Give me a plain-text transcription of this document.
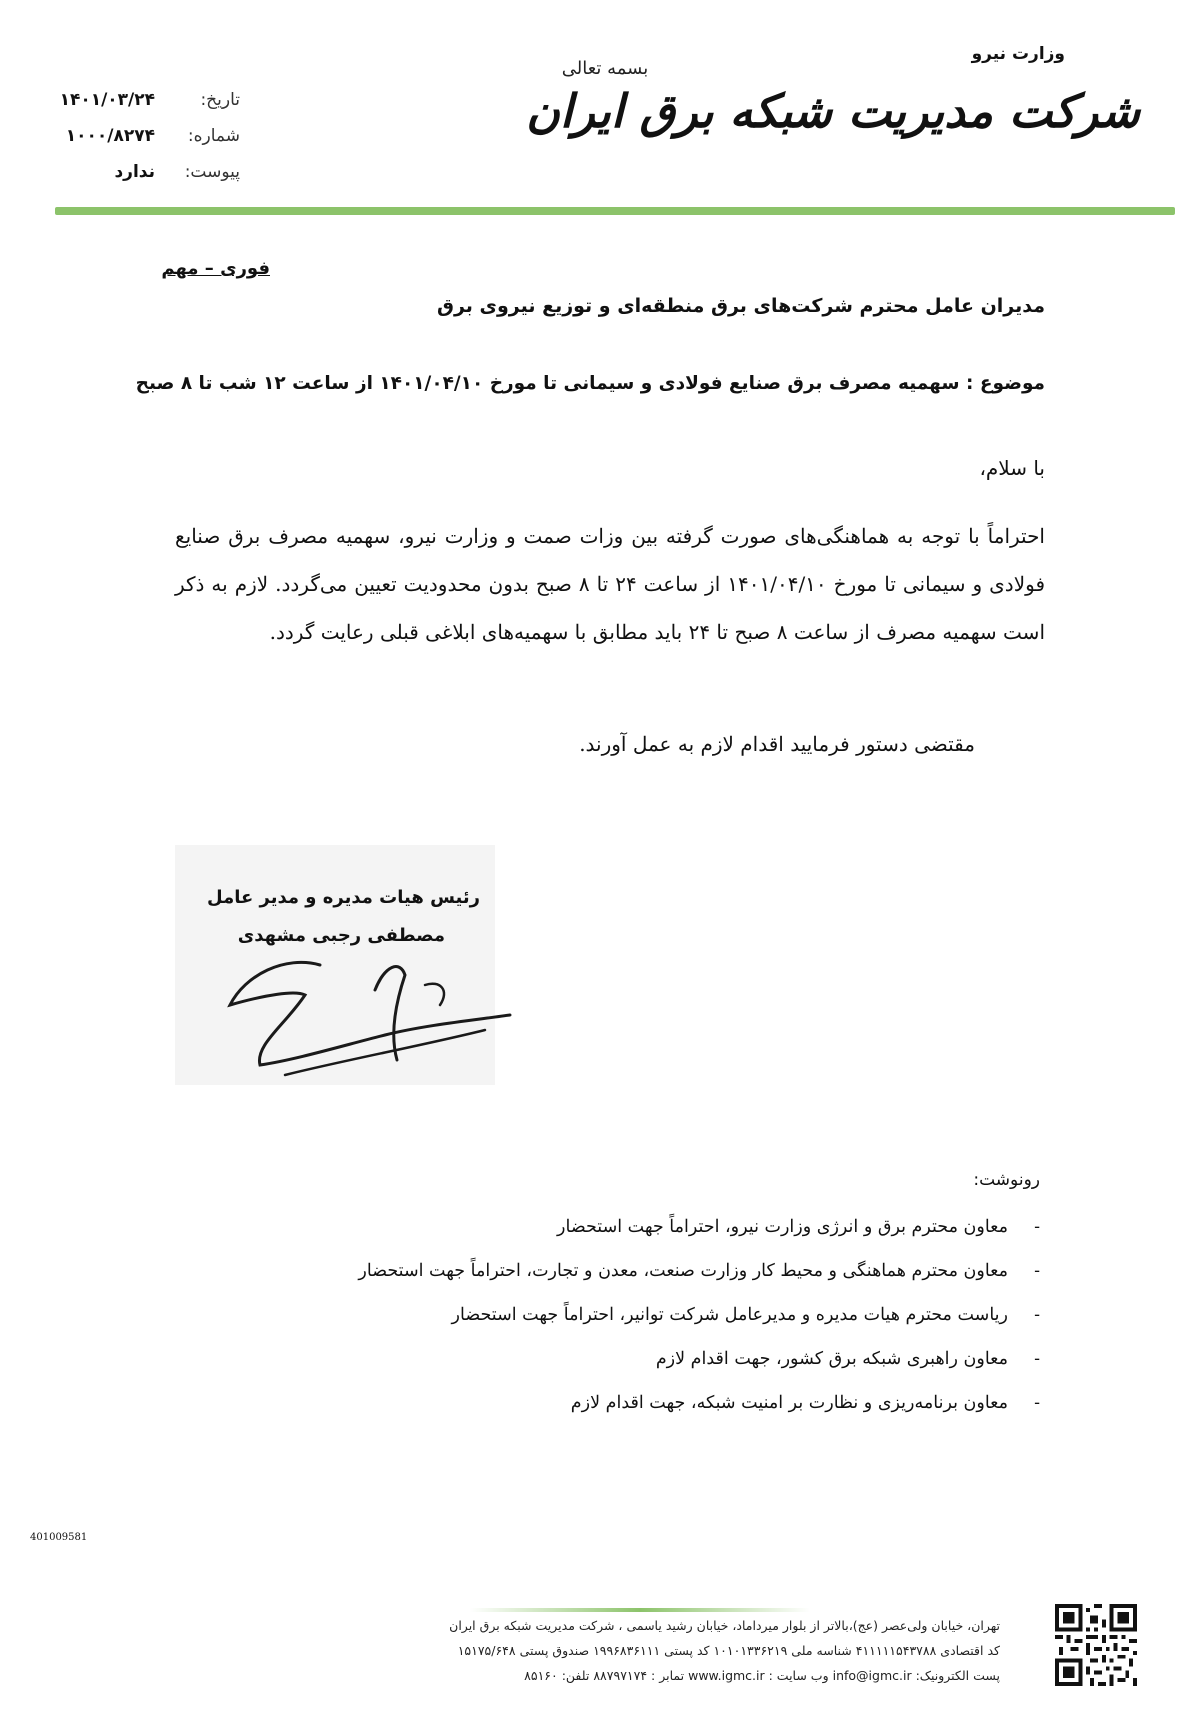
وزارت نیرو
شرکت مدیریت شبکه برق ایران
بسمه تعالی
تاریخ:
۱۴۰۱/۰۳/۲۴
شماره:
۱۰۰۰/۸۲۷۴
پیوست:
ندارد
فوری – مهم
مدیران عامل محترم شرکت‌های برق منطقه‌ای و توزیع نیروی برق
موضوع : سهمیه مصرف برق صنایع فولادی و سیمانی تا مورخ ۱۴۰۱/۰۴/۱۰ از ساعت ۱۲ شب تا ۸ صبح
با سلام،
احتراماً با توجه به هماهنگی‌های صورت گرفته بین وزات صمت و وزارت نیرو، سهمیه مصرف برق صنایع فولادی و سیمانی تا مورخ ۱۴۰۱/۰۴/۱۰ از ساعت ۲۴ تا ۸ صبح بدون محدودیت تعیین می‌گردد. لازم به ذکر است سهمیه مصرف از ساعت ۸ صبح تا ۲۴ باید مطابق با سهمیه‌های ابلاغی قبلی رعایت گردد.
مقتضی دستور فرمایید اقدام لازم به عمل آورند.
رئیس هیات مدیره و مدیر عامل
مصطفی رجبی مشهدی
رونوشت:
-
معاون محترم برق و انرژی وزارت نیرو، احتراماً جهت استحضار
-
معاون محترم هماهنگی و محیط کار وزارت صنعت، معدن و تجارت، احتراماً جهت استحضار
-
ریاست محترم هیات مدیره و مدیرعامل شرکت توانیر، احتراماً جهت استحضار
-
معاون راهبری شبکه برق کشور، جهت اقدام لازم
-
معاون برنامه‌ریزی و نظارت بر امنیت شبکه، جهت اقدام لازم
401009581
تهران، خیابان ولی‌عصر (عج)،بالاتر از بلوار میرداماد، خیابان رشید یاسمی ، شرکت مدیریت شبکه برق ایران
کد اقتصادی ۴۱۱۱۱۱۵۴۳۷۸۸ شناسه ملی ۱۰۱۰۱۳۳۶۲۱۹ کد پستی ۱۹۹۶۸۳۶۱۱۱ صندوق پستی ۱۵۱۷۵/۶۴۸
پست الکترونیک: info@igmc.ir وب سایت : www.igmc.ir تمابر : ۸۸۷۹۷۱۷۴ تلفن: ۸۵۱۶۰
